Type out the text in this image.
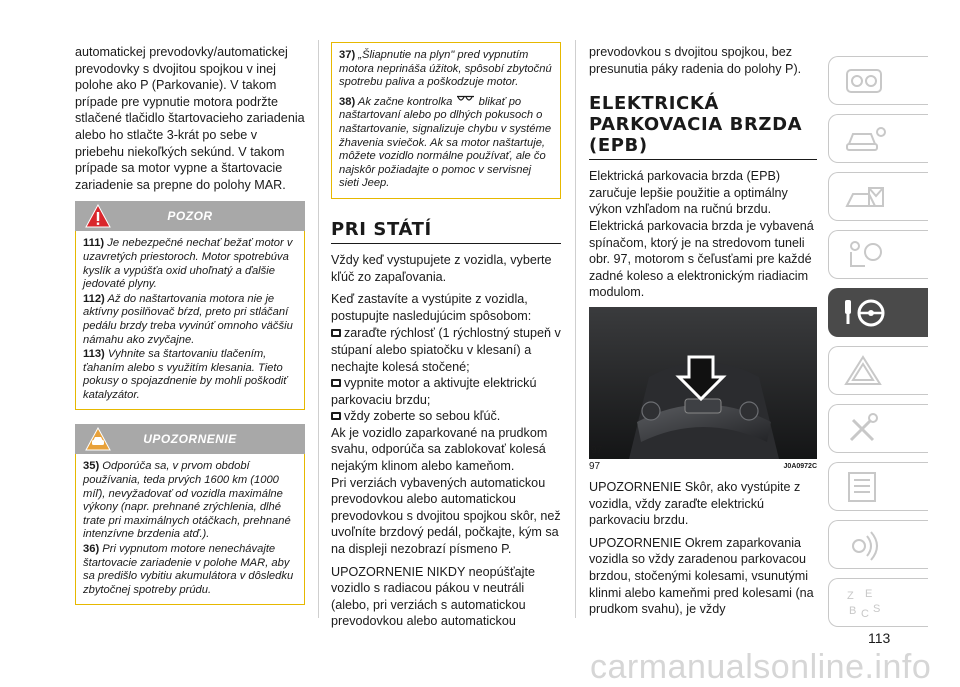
automatickej prevodovky/automatickej prevodovky s dvojitou spojkou v inej polohe ako P (Parkovanie). V takom prípade pre vypnutie motora podržte stlačené tlačidlo štartovacieho zariadenia alebo ho stlačte 3-krát po sebe v priebehu niekoľkých sekúnd. V takom prípade sa motor vypne a štartovacie zariadenie sa prepne do polohy MAR.

POZOR
111) Je nebezpečné nechať bežať motor v uzavretých priestoroch. Motor spotrebúva kyslík a vypúšťa oxid uhoľnatý a ďalšie jedovaté plyny.
112) Až do naštartovania motora nie je aktívny posilňovač bŕzd, preto pri stláčaní pedálu brzdy treba vyvinúť omnoho väčšiu námahu ako zvyčajne.
113) Vyhnite sa štartovaniu tlačením, ťahaním alebo s využitím klesania. Tieto pokusy o spojazdnenie by mohli poškodiť katalyzátor.
UPOZORNENIE
35) Odporúča sa, v prvom období používania, teda prvých 1600 km (1000 míľ), nevyžadovať od vozidla maximálne výkony (napr. prehnané zrýchlenia, dlhé trate pri maximálnych otáčkach, prehnané intenzívne brzdenia atď.).
36) Pri vypnutom motore nenechávajte štartovacie zariadenie v polohe MAR, aby sa predišlo vybitiu akumulátora v dôsledku zbytočnej spotreby prúdu.
37) „Šliapnutie na plyn" pred vypnutím motora neprináša úžitok, spôsobí zbytočnú spotrebu paliva a poškodzuje motor.
38) Ak začne kontrolka blikať po naštartovaní alebo po dlhých pokusoch o naštartovanie, signalizuje chybu v systéme žhavenia sviečok. Ak sa motor naštartuje, môžete vozidlo normálne používať, ale čo najskôr požiadajte o pomoc v servisnej sieti Jeep.
PRI STÁTÍ

Vždy keď vystupujete z vozidla, vyberte kľúč zo zapaľovania.

Keď zastavíte a vystúpite z vozidla, postupujte nasledujúcim spôsobom:

zaraďte rýchlosť (1 rýchlostný stupeň v stúpaní alebo spiatočku v klesaní) a nechajte kolesá stočené;
vypnite motor a aktivujte elektrickú parkovaciu brzdu;
vždy zoberte so sebou kľúč.

Ak je vozidlo zaparkované na prudkom svahu, odporúča sa zablokovať kolesá nejakým klinom alebo kameňom.

Pri verziách vybavených automatickou prevodovkou alebo automatickou prevodovkou s dvojitou spojkou skôr, než uvoľníte brzdový pedál, počkajte, kým sa na displeji nezobrazí písmeno P.

UPOZORNENIE NIKDY neopúšťajte vozidlo s radiacou pákou v neutráli (alebo, pri verziách s automatickou prevodovkou alebo automatickou

prevodovkou s dvojitou spojkou, bez presunutia páky radenia do polohy P).

ELEKTRICKÁ
PARKOVACIA BRZDA
(EPB)

Elektrická parkovacia brzda (EPB) zaručuje lepšie použitie a optimálny výkon vzhľadom na ručnú brzdu. Elektrická parkovacia brzda je vybavená spínačom, ktorý je na stredovom tuneli obr. 97, motorom s čeľusťami pre každé zadné koleso a elektronickým riadiacim modulom.

97
97	J0A0972C

UPOZORNENIE Skôr, ako vystúpite z vozidla, vždy zaraďte elektrickú parkovaciu brzdu.

UPOZORNENIE Okrem zaparkovania vozidla so vždy zaradenou parkovacou brzdou, stočenými kolesami, vsunutými klinmi alebo kameňmi pred kolesami (na prudkom svahu), je vždy

Z E
B C S
113
carmanualsonline.info
